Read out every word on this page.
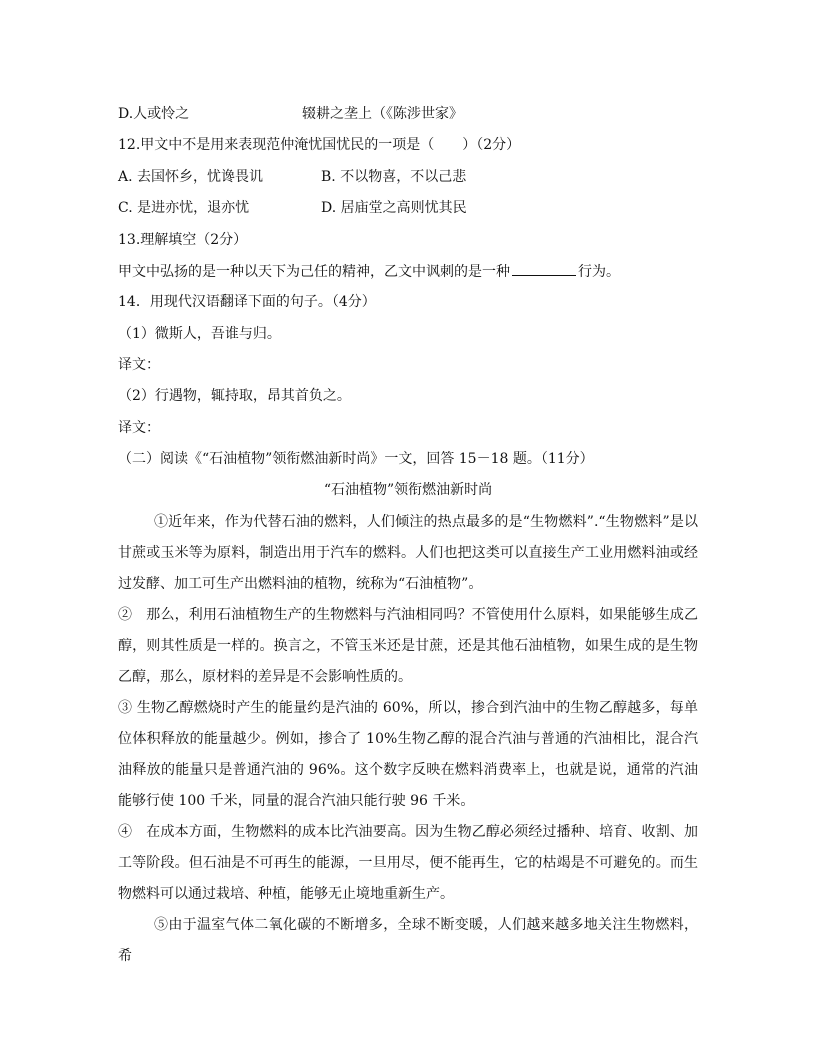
D.人或怜之	辍耕之垄上（《陈涉世家》
12.甲文中不是用来表现范仲淹忧国忧民的一项是（　　）（2分）
A. 去国怀乡，忧谗畏讥	B. 不以物喜，不以己悲
C. 是进亦忧，退亦忧	D. 居庙堂之高则忧其民
13.理解填空（2分）
甲文中弘扬的是一种以天下为己任的精神，乙文中讽刺的是一种	行为。
14．用现代汉语翻译下面的句子。（4分）
（1）微斯人，吾谁与归。
译文：
（2）行遇物，辄持取，昂其首负之。
译文：
（二）阅读《“石油植物”领衔燃油新时尚》一文，回答 15－18 题。（11分）
“石油植物”领衔燃油新时尚
①近年来，作为代替石油的燃料，人们倾注的热点最多的是“生物燃料”.“生物燃料”是以甘蔗或玉米等为原料，制造出用于汽车的燃料。人们也把这类可以直接生产工业用燃料油或经过发酵、加工可生产出燃料油的植物，统称为“石油植物”。
②　那么，利用石油植物生产的生物燃料与汽油相同吗？不管使用什么原料，如果能够生成乙醇，则其性质是一样的。换言之，不管玉米还是甘蔗，还是其他石油植物，如果生成的是生物乙醇，那么，原材料的差异是不会影响性质的。
③ 生物乙醇燃烧时产生的能量约是汽油的 60%，所以，掺合到汽油中的生物乙醇越多，每单位体积释放的能量越少。例如，掺合了 10%生物乙醇的混合汽油与普通的汽油相比，混合汽油释放的能量只是普通汽油的 96%。这个数字反映在燃料消费率上，也就是说，通常的汽油能够行使 100 千米，同量的混合汽油只能行驶 96 千米。
④　在成本方面，生物燃料的成本比汽油要高。因为生物乙醇必须经过播种、培育、收割、加工等阶段。但石油是不可再生的能源，一旦用尽，便不能再生，它的枯竭是不可避免的。而生物燃料可以通过栽培、种植，能够无止境地重新生产。
⑤由于温室气体二氧化碳的不断增多，全球不断变暖，人们越来越多地关注生物燃料，希
